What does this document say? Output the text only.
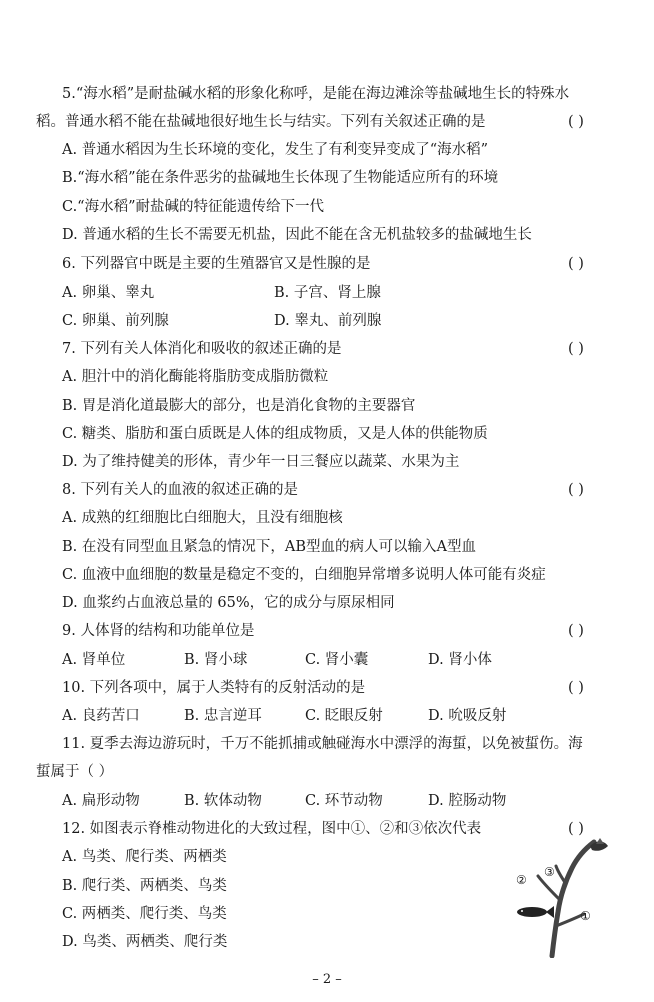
5.“海水稻”是耐盐碱水稻的形象化称呼，是能在海边滩涂等盐碱地生长的特殊水
稻。普通水稻不能在盐碱地很好地生长与结实。下列有关叙述正确的是	( )
A. 普通水稻因为生长环境的变化，发生了有利变异变成了“海水稻”
B.“海水稻”能在条件恶劣的盐碱地生长体现了生物能适应所有的环境
C.“海水稻”耐盐碱的特征能遗传给下一代
D. 普通水稻的生长不需要无机盐，因此不能在含无机盐较多的盐碱地生长
6. 下列器官中既是主要的生殖器官又是性腺的是	( )
A. 卵巢、睾丸	B. 子宫、肾上腺
C. 卵巢、前列腺	D. 睾丸、前列腺
7. 下列有关人体消化和吸收的叙述正确的是	( )
A. 胆汁中的消化酶能将脂肪变成脂肪微粒
B. 胃是消化道最膨大的部分，也是消化食物的主要器官
C. 糖类、脂肪和蛋白质既是人体的组成物质，又是人体的供能物质
D. 为了维持健美的形体，青少年一日三餐应以蔬菜、水果为主
8. 下列有关人的血液的叙述正确的是	( )
A. 成熟的红细胞比白细胞大，且没有细胞核
B. 在没有同型血且紧急的情况下，AB型血的病人可以输入A型血
C. 血液中血细胞的数量是稳定不变的，白细胞异常增多说明人体可能有炎症
D. 血浆约占血液总量的 65%，它的成分与原尿相同
9. 人体肾的结构和功能单位是	( )
A. 肾单位	B. 肾小球	C. 肾小囊	D. 肾小体
10. 下列各项中，属于人类特有的反射活动的是	( )
A. 良药苦口	B. 忠言逆耳	C. 眨眼反射	D. 吮吸反射
11. 夏季去海边游玩时，千万不能抓捕或触碰海水中漂浮的海蜇，以免被蜇伤。海
蜇属于（ ）
A. 扁形动物	B. 软体动物	C. 环节动物	D. 腔肠动物
12. 如图表示脊椎动物进化的大致过程，图中①、②和③依次代表	( )
A. 鸟类、爬行类、两栖类
B. 爬行类、两栖类、鸟类
C. 两栖类、爬行类、鸟类
D. 鸟类、两栖类、爬行类
②
③
①
– 2 –
